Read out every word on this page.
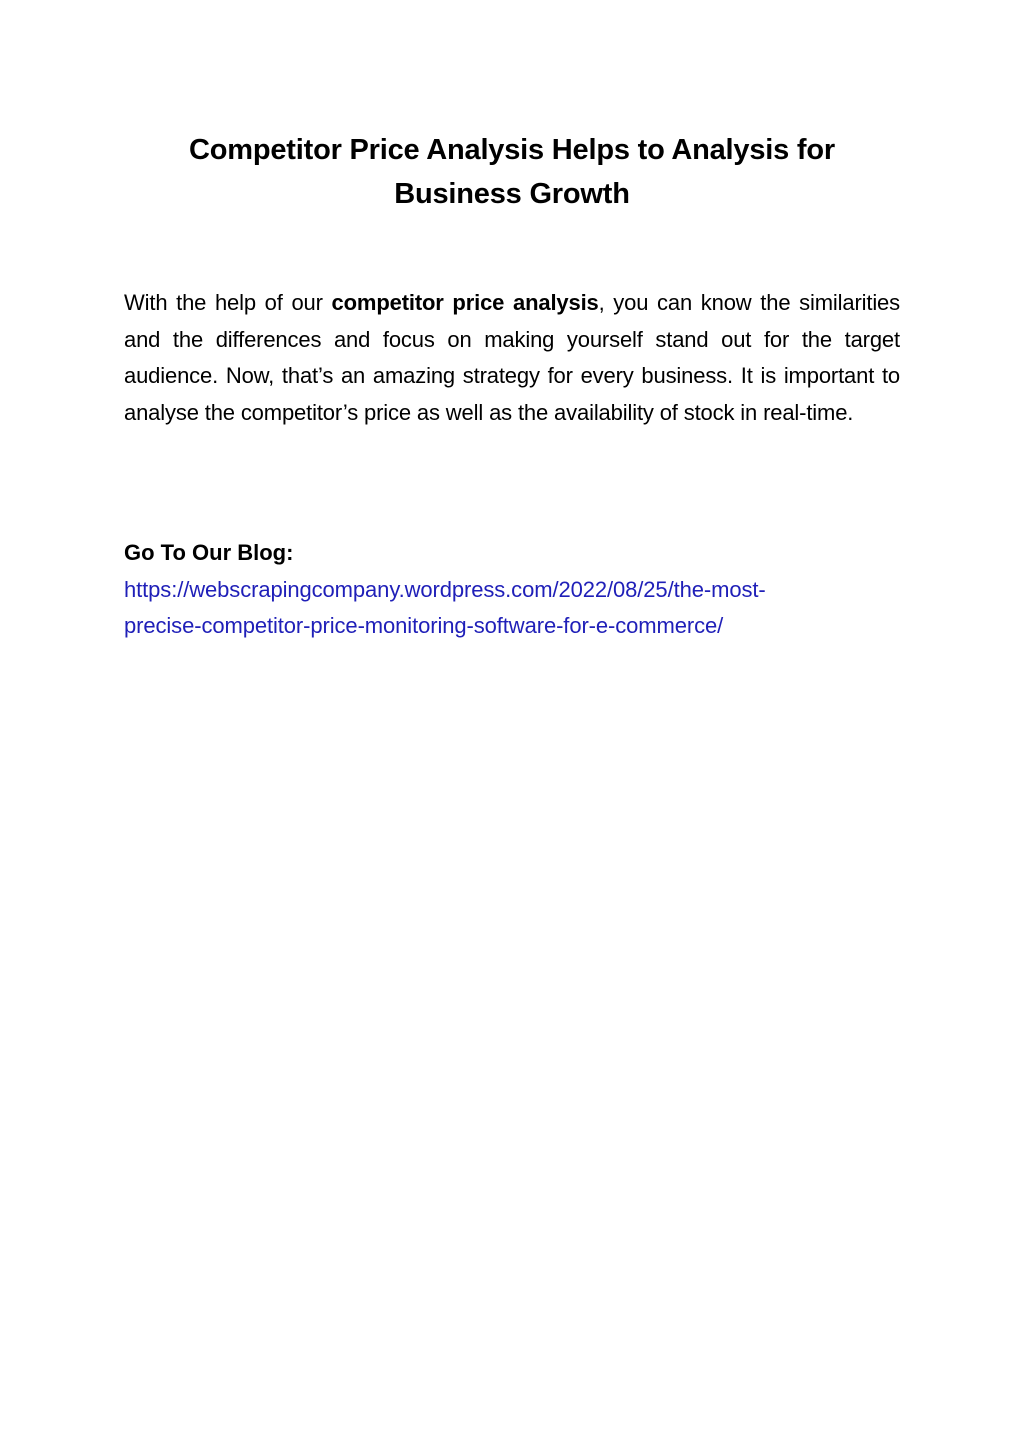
Competitor Price Analysis Helps to Analysis for
Business Growth

With the help of our competitor price analysis, you can know the similarities and the differences and focus on making yourself stand out for the target audience. Now, that’s an amazing strategy for every business. It is important to analyse the competitor’s price as well as the availability of stock in real-time.

Go To Our Blog:
https://webscrapingcompany.wordpress.com/2022/08/25/the-most-
precise-competitor-price-monitoring-software-for-e-commerce/
